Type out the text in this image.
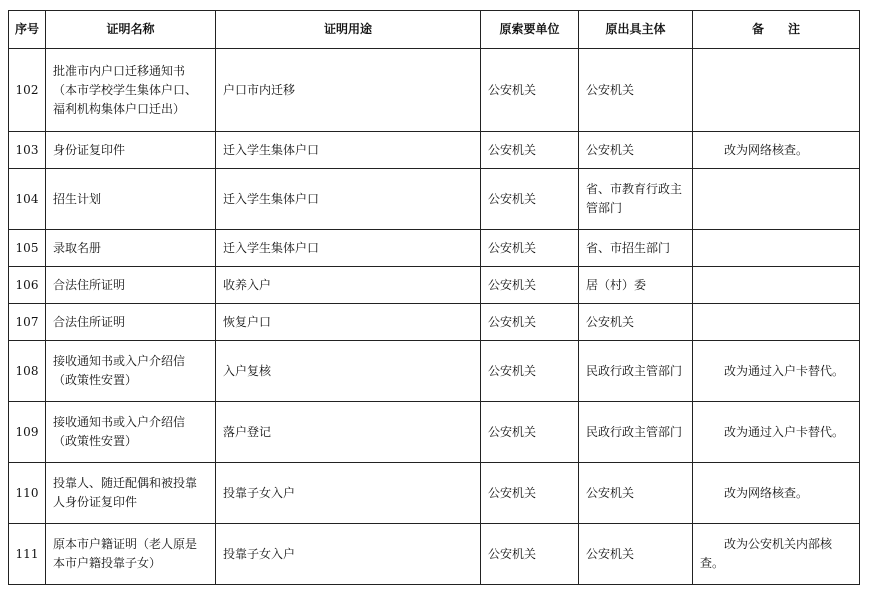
序号	证明名称	证明用途	原索要单位	原出具主体	备　　注
102	批准市内户口迁移通知书（本市学校学生集体户口、福利机构集体户口迁出）	户口市内迁移	公安机关	公安机关	
103	身份证复印件	迁入学生集体户口	公安机关	公安机关	改为网络核查。
104	招生计划	迁入学生集体户口	公安机关	省、市教育行政主管部门	
105	录取名册	迁入学生集体户口	公安机关	省、市招生部门	
106	合法住所证明	收养入户	公安机关	居（村）委	
107	合法住所证明	恢复户口	公安机关	公安机关	
108	接收通知书或入户介绍信（政策性安置）	入户复核	公安机关	民政行政主管部门	改为通过入户卡替代。
109	接收通知书或入户介绍信（政策性安置）	落户登记	公安机关	民政行政主管部门	改为通过入户卡替代。
110	投靠人、随迁配偶和被投靠人身份证复印件	投靠子女入户	公安机关	公安机关	改为网络核查。
111	原本市户籍证明（老人原是本市户籍投靠子女）	投靠子女入户	公安机关	公安机关	改为公安机关内部核查。
